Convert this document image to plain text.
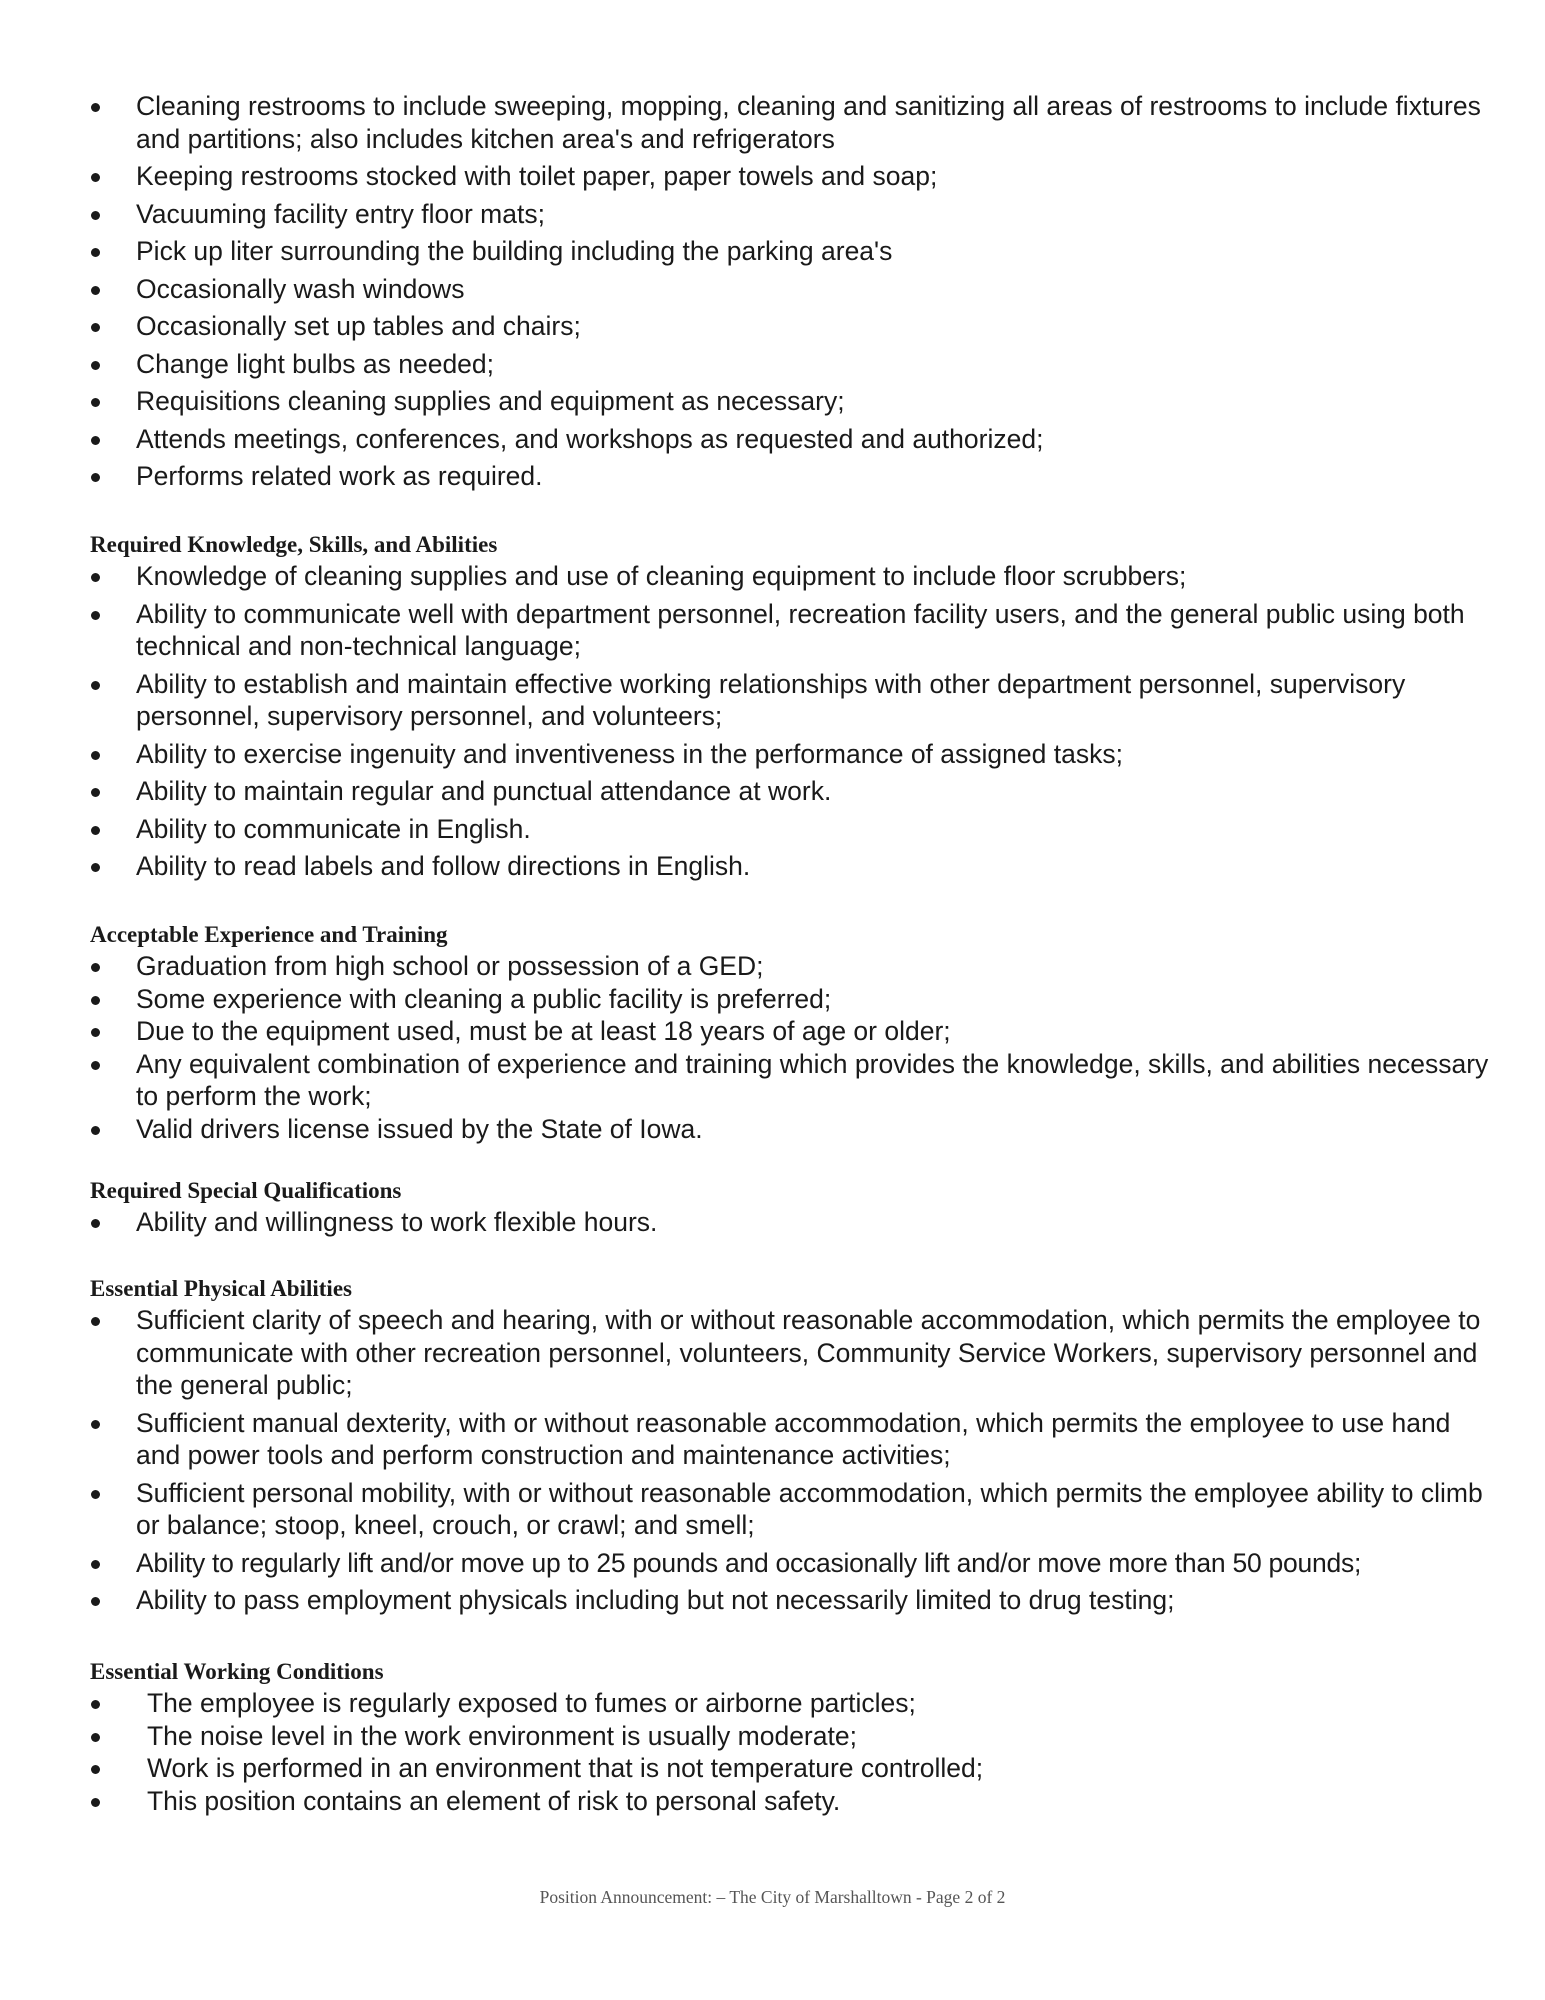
Cleaning restrooms to include sweeping, mopping, cleaning and sanitizing all areas of restrooms to include fixtures and partitions; also includes kitchen area's and refrigerators
Keeping restrooms stocked with toilet paper, paper towels and soap;
Vacuuming facility entry floor mats;
Pick up liter surrounding the building including the parking area's
Occasionally wash windows
Occasionally set up tables and chairs;
Change light bulbs as needed;
Requisitions cleaning supplies and equipment as necessary;
Attends meetings, conferences, and workshops as requested and authorized;
Performs related work as required.
Required Knowledge, Skills, and Abilities
Knowledge of cleaning supplies and use of cleaning equipment to include floor scrubbers;
Ability to communicate well with department personnel, recreation facility users, and the general public using both technical and non-technical language;
Ability to establish and maintain effective working relationships with other department personnel, supervisory personnel, supervisory personnel, and volunteers;
Ability to exercise ingenuity and inventiveness in the performance of assigned tasks;
Ability to maintain regular and punctual attendance at work.
Ability to communicate in English.
Ability to read labels and follow directions in English.
Acceptable Experience and Training
Graduation from high school or possession of a GED;
Some experience with cleaning a public facility is preferred;
Due to the equipment used, must be at least 18 years of age or older;
Any equivalent combination of experience and training which provides the knowledge, skills, and abilities necessary to perform the work;
Valid drivers license issued by the State of Iowa.
Required Special Qualifications
Ability and willingness to work flexible hours.
Essential Physical Abilities
Sufficient clarity of speech and hearing, with or without reasonable accommodation, which permits the employee to communicate with other recreation personnel, volunteers, Community Service Workers, supervisory personnel and the general public;
Sufficient manual dexterity, with or without reasonable accommodation, which permits the employee to use hand and power tools and perform construction and maintenance activities;
Sufficient personal mobility, with or without reasonable accommodation, which permits the employee ability to climb or balance; stoop, kneel, crouch, or crawl; and smell;
Ability to regularly lift and/or move up to 25 pounds and occasionally lift and/or move more than 50 pounds;
Ability to pass employment physicals including but not necessarily limited to drug testing;
Essential Working Conditions
The employee is regularly exposed to fumes or airborne particles;
The noise level in the work environment is usually moderate;
Work is performed in an environment that is not temperature controlled;
This position contains an element of risk to personal safety.
Position Announcement: – The City of Marshalltown - Page 2 of 2
